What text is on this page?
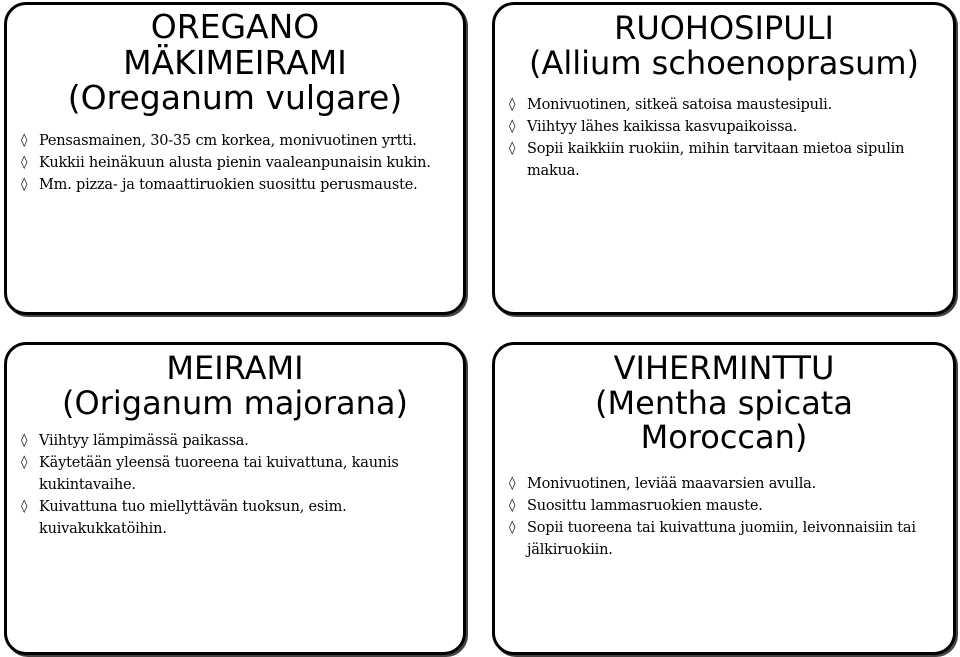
OREGANO
MÄKIMEIRAMI
(Oreganum vulgare)
◊ Pensasmainen, 30-35 cm korkea, monivuotinen yrtti.
◊ Kukkii heinäkuun alusta pienin vaaleanpunaisin kukin.
◊ Mm. pizza- ja tomaattiruokien suosittu perusmauste.
RUOHOSIPULI
(Allium schoenoprasum)
◊ Monivuotinen, sitkeä satoisa maustesipuli.
◊ Viihtyy lähes kaikissa kasvupaikoissa.
◊ Sopii kaikkiin ruokiin, mihin tarvitaan mietoa sipulin makua.
MEIRAMI
(Origanum majorana)
◊ Viihtyy lämpimässä paikassa.
◊ Käytetään yleensä tuoreena tai kuivattuna, kaunis kukintavaihe.
◊ Kuivattuna tuo miellyttävän tuoksun, esim. kuivakukkatöihin.
VIHERMINTTU
(Mentha spicata
Moroccan)
◊ Monivuotinen, leviää maavarsien avulla.
◊ Suosittu lammasruokien mauste.
◊ Sopii tuoreena tai kuivattuna juomiin, leivonnaisiin tai jälkiruokiin.
